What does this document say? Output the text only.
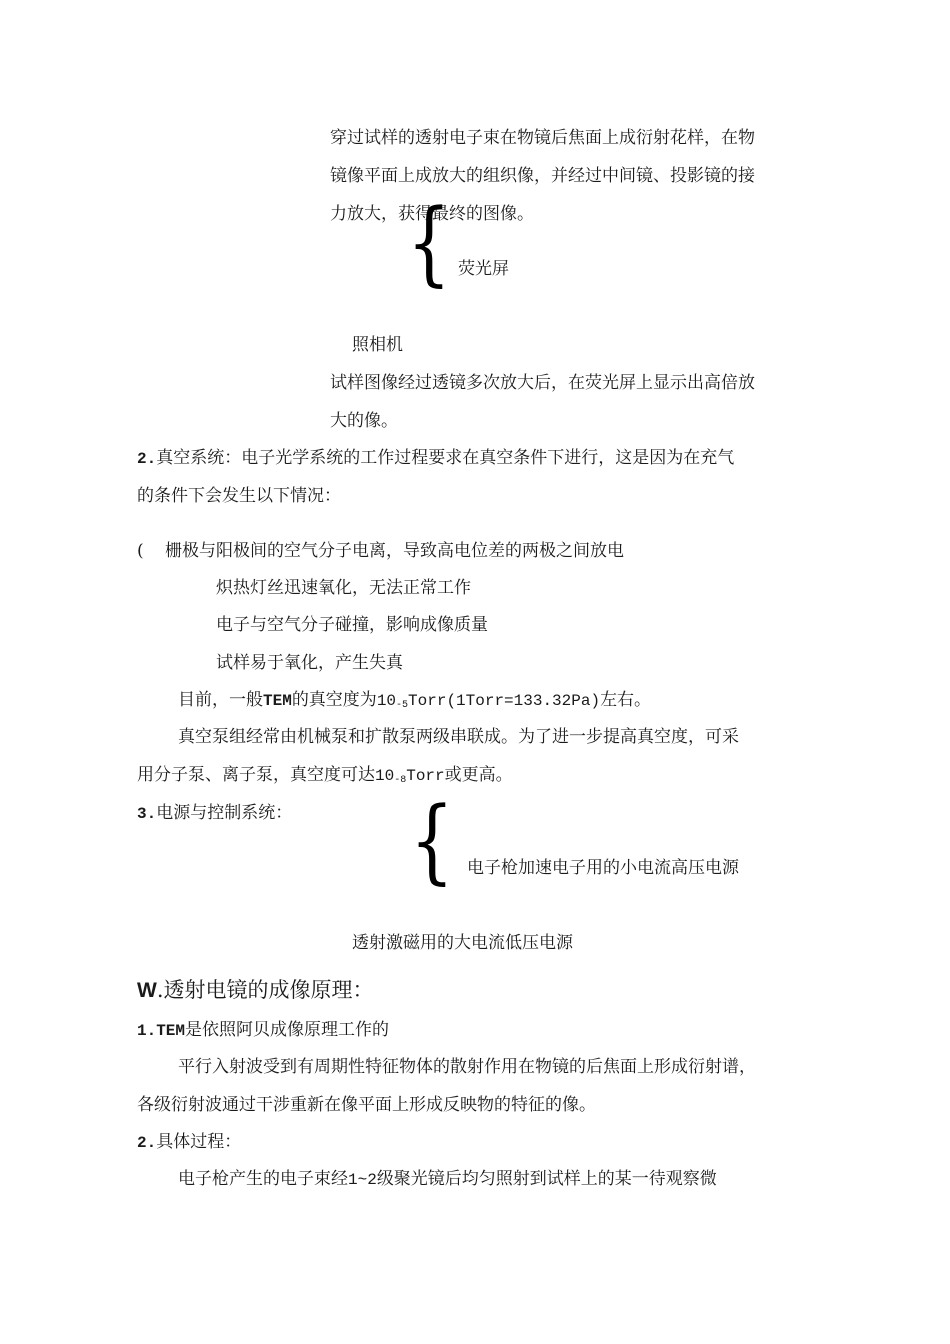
穿过试样的透射电子束在物镜后焦面上成衍射花样，在物
镜像平面上成放大的组织像，并经过中间镜、投影镜的接
力放大，获得最终的图像。
{ 荧光屏
照相机
试样图像经过透镜多次放大后，在荧光屏上显示出高倍放
大的像。
2.真空系统：电子光学系统的工作过程要求在真空条件下进行，这是因为在充气
的条件下会发生以下情况：
( 栅极与阳极间的空气分子电离，导致高电位差的两极之间放电
炽热灯丝迅速氧化，无法正常工作
电子与空气分子碰撞，影响成像质量
试样易于氧化，产生失真
目前，一般TEM的真空度为$10_{-5}Torr(1Torr=133.32Pa)$左右。
真空泵组经常由机械泵和扩散泵两级串联成。为了进一步提高真空度，可采
用分子泵、离子泵，真空度可达$10_{-8}Torr$或更高。
3.电源与控制系统： { 电子枪加速电子用的小电流高压电源
透射激磁用的大电流低压电源
W.透射电镜的成像原理：
1.TEM是依照阿贝成像原理工作的
平行入射波受到有周期性特征物体的散射作用在物镜的后焦面上形成衍射谱，
各级衍射波通过干涉重新在像平面上形成反映物的特征的像。
2.具体过程：
电子枪产生的电子束经1~2级聚光镜后均匀照射到试样上的某一待观察微
